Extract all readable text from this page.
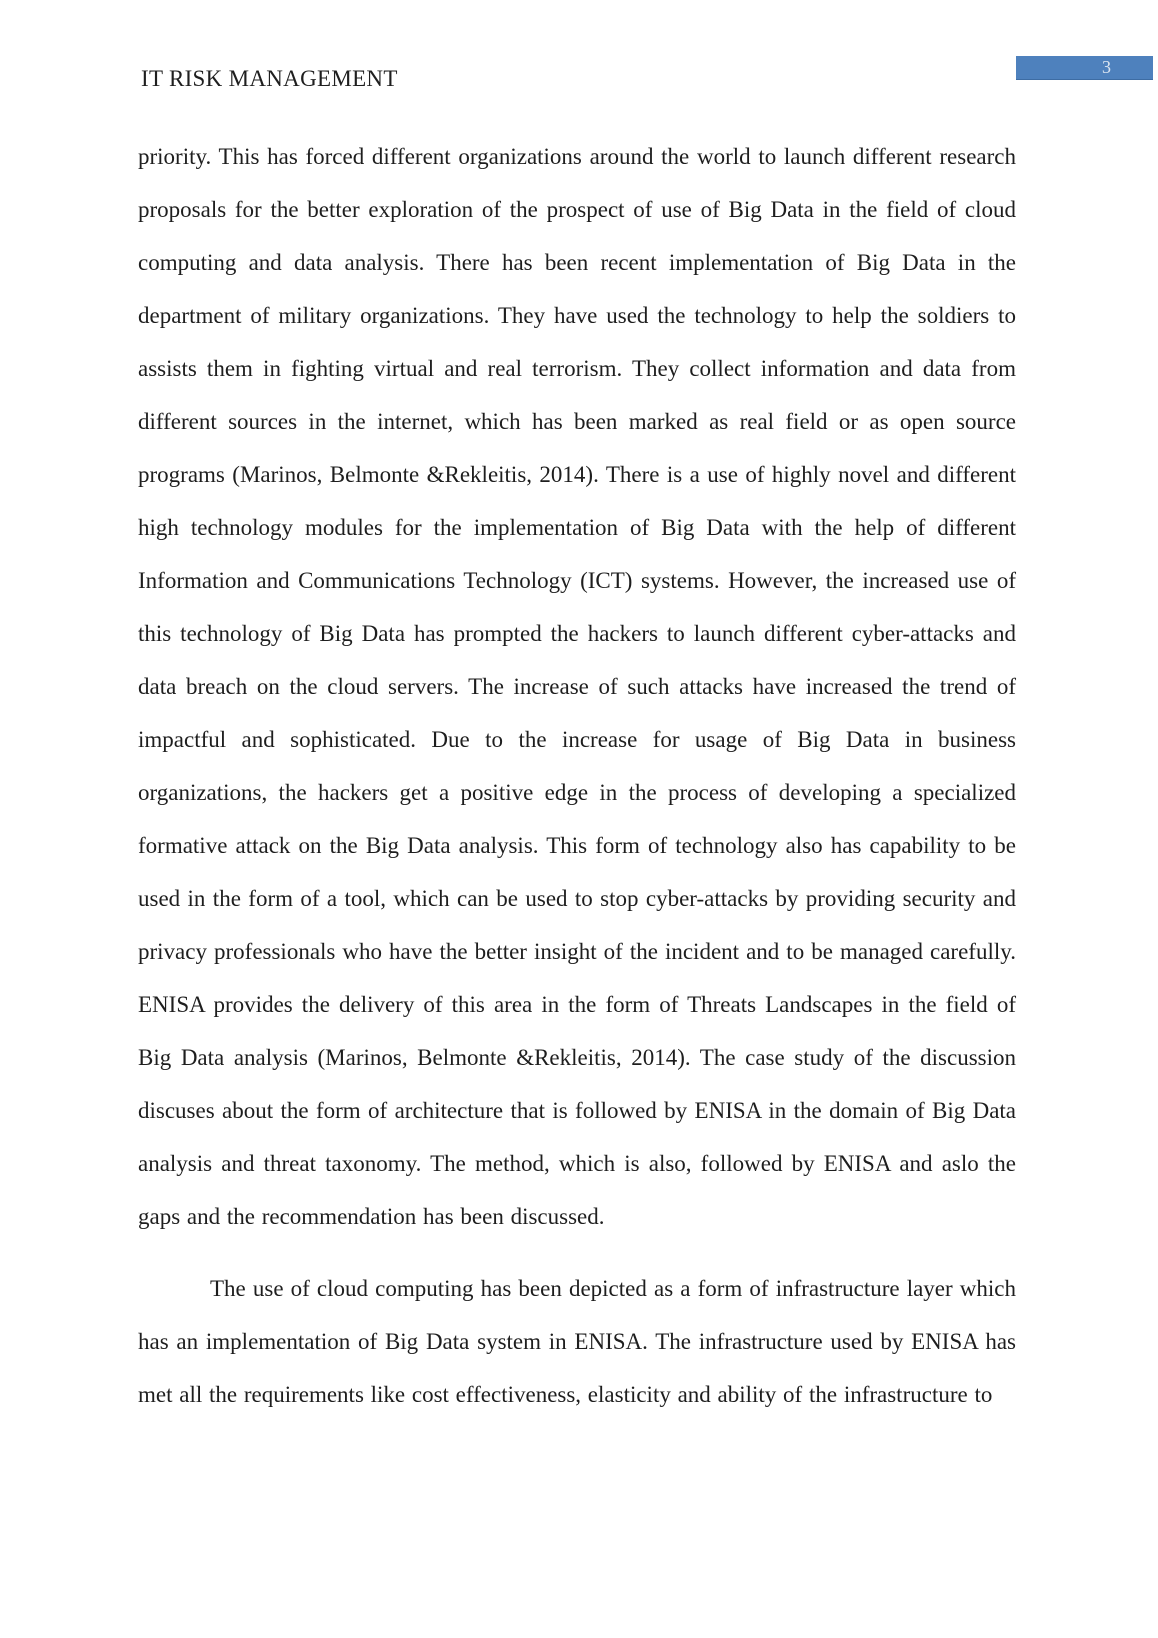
IT RISK MANAGEMENT	3

priority. This has forced different organizations around the world to launch different research proposals for the better exploration of the prospect of use of Big Data in the field of cloud computing and data analysis. There has been recent implementation of Big Data in the department of military organizations. They have used the technology to help the soldiers to assists them in fighting virtual and real terrorism. They collect information and data from different sources in the internet, which has been marked as real field or as open source programs (Marinos, Belmonte &Rekleitis, 2014). There is a use of highly novel and different high technology modules for the implementation of Big Data with the help of different Information and Communications Technology (ICT) systems. However, the increased use of this technology of Big Data has prompted the hackers to launch different cyber-attacks and data breach on the cloud servers. The increase of such attacks have increased the trend of impactful and sophisticated. Due to the increase for usage of Big Data in business organizations, the hackers get a positive edge in the process of developing a specialized formative attack on the Big Data analysis. This form of technology also has capability to be used in the form of a tool, which can be used to stop cyber-attacks by providing security and privacy professionals who have the better insight of the incident and to be managed carefully. ENISA provides the delivery of this area in the form of Threats Landscapes in the field of Big Data analysis (Marinos, Belmonte &Rekleitis, 2014). The case study of the discussion discuses about the form of architecture that is followed by ENISA in the domain of Big Data analysis and threat taxonomy. The method, which is also, followed by ENISA and aslo the gaps and the recommendation has been discussed.

The use of cloud computing has been depicted as a form of infrastructure layer which has an implementation of Big Data system in ENISA. The infrastructure used by ENISA has met all the requirements like cost effectiveness, elasticity and ability of the infrastructure to
